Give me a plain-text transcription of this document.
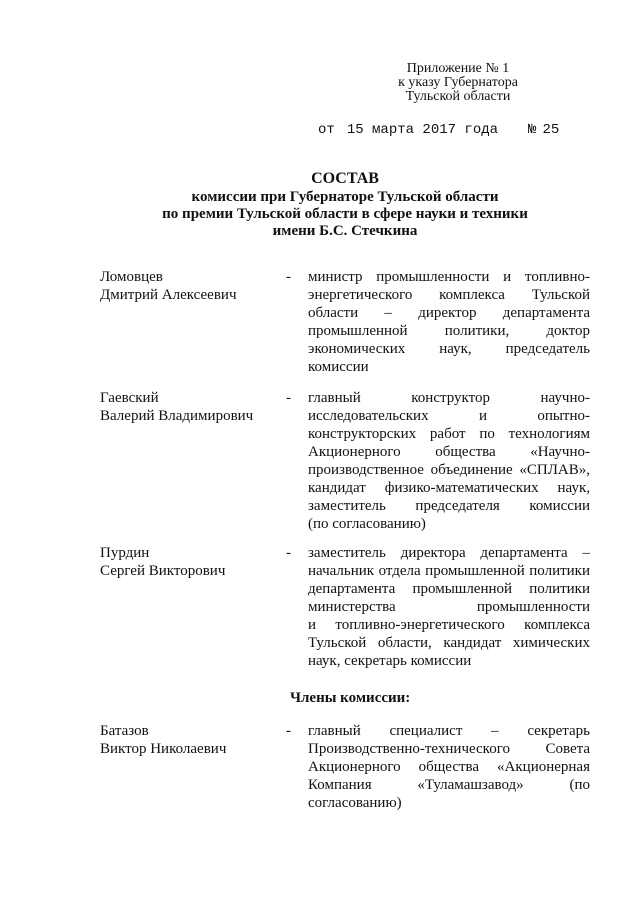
Приложение № 1
к указу Губернатора
Тульской области
от 15 марта 2017 года № 25
СОСТАВ
комиссии при Губернаторе Тульской области
по премии Тульской области в сфере науки и техники
имени Б.С. Стечкина
Ломовцев
Дмитрий Алексеевич
- министр промышленности и топливно-
энергетического комплекса Тульской
области – директор департамента
промышленной политики, доктор
экономических наук, председатель
комиссии
Гаевский
Валерий Владимирович
- главный конструктор научно-
исследовательских и опытно-
конструкторских работ по технологиям
Акционерного общества «Научно-
производственное объединение «СПЛАВ»,
кандидат физико-математических наук,
заместитель председателя комиссии
(по согласованию)
Пурдин
Сергей Викторович
- заместитель директора департамента –
начальник отдела промышленной политики
департамента промышленной политики
министерства промышленности
и топливно-энергетического комплекса
Тульской области, кандидат химических
наук, секретарь комиссии
Члены комиссии:
Батазов
Виктор Николаевич
- главный специалист – секретарь
Производственно-технического Совета
Акционерного общества «Акционерная
Компания «Туламашзавод» (по
согласованию)
